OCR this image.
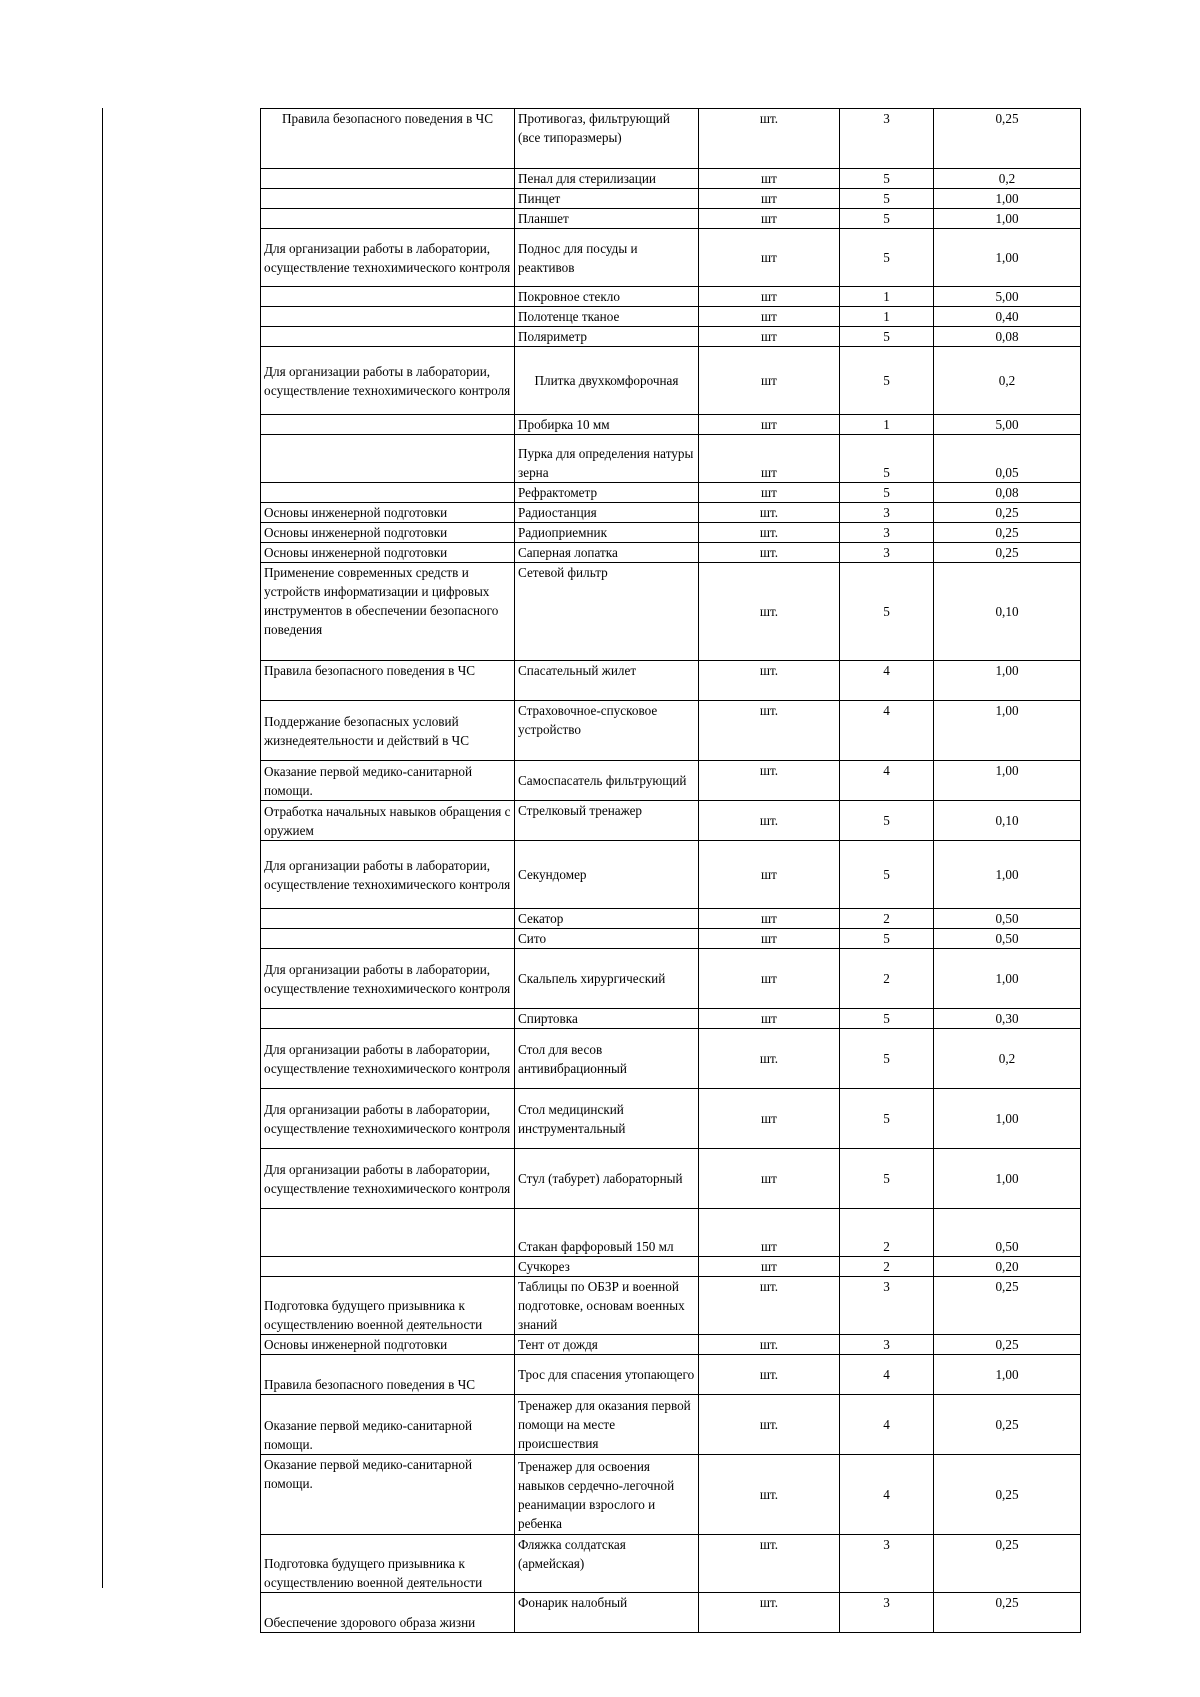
Правила безопасного поведения в ЧС	Противогаз, фильтрующий (все типоразмеры)	шт.	3	0,25
	Пенал для стерилизации	шт	5	0,2
	Пинцет	шт	5	1,00
	Планшет	шт	5	1,00
Для организации работы в лаборатории, осуществление технохимического контроля	Поднос для посуды и реактивов	шт	5	1,00
	Покровное стекло	шт	1	5,00
	Полотенце тканое	шт	1	0,40
	Поляриметр	шт	5	0,08
Для организации работы в лаборатории, осуществление технохимического контроля	Плитка двухкомфорочная	шт	5	0,2
	Пробирка 10 мм	шт	1	5,00
	Пурка для определения натуры зерна	шт	5	0,05
	Рефрактометр	шт	5	0,08
Основы инженерной подготовки	Радиостанция	шт.	3	0,25
Основы инженерной подготовки	Радиоприемник	шт.	3	0,25
Основы инженерной подготовки	Саперная лопатка	шт.	3	0,25
Применение современных средств и устройств информатизации и цифровых инструментов в обеспечении безопасного поведения	Сетевой фильтр	шт.	5	0,10
Правила безопасного поведения в ЧС	Спасательный жилет	шт.	4	1,00
Поддержание безопасных условий жизнедеятельности и действий в ЧС	Страховочное-спусковое устройство	шт.	4	1,00
Оказание первой медико-санитарной помощи.	Самоспасатель фильтрующий	шт.	4	1,00
Отработка начальных навыков обращения с оружием	Стрелковый тренажер	шт.	5	0,10
Для организации работы в лаборатории, осуществление технохимического контроля	Секундомер	шт	5	1,00
	Секатор	шт	2	0,50
	Сито	шт	5	0,50
Для организации работы в лаборатории, осуществление технохимического контроля	Скальпель хирургический	шт	2	1,00
	Спиртовка	шт	5	0,30
Для организации работы в лаборатории, осуществление технохимического контроля	Стол для весов антивибрационный	шт.	5	0,2
Для организации работы в лаборатории, осуществление технохимического контроля	Стол медицинский инструментальный	шт	5	1,00
Для организации работы в лаборатории, осуществление технохимического контроля	Стул (табурет) лабораторный	шт	5	1,00
	Стакан фарфоровый 150 мл	шт	2	0,50
	Сучкорез	шт	2	0,20
Подготовка будущего призывника к осуществлению военной деятельности	Таблицы по ОБЗР и военной подготовке, основам военных знаний	шт.	3	0,25
Основы инженерной подготовки	Тент от дождя	шт.	3	0,25
Правила безопасного поведения в ЧС	Трос для спасения утопающего	шт.	4	1,00
Оказание первой медико-санитарной помощи.	Тренажер для оказания первой помощи на месте происшествия	шт.	4	0,25
Оказание первой медико-санитарной помощи.	Тренажер для освоения навыков сердечно-легочной реанимации взрослого и ребенка	шт.	4	0,25
Подготовка будущего призывника к осуществлению военной деятельности	Фляжка солдатская (армейская)	шт.	3	0,25
Обеспечение здорового образа жизни	Фонарик налобный	шт.	3	0,25
